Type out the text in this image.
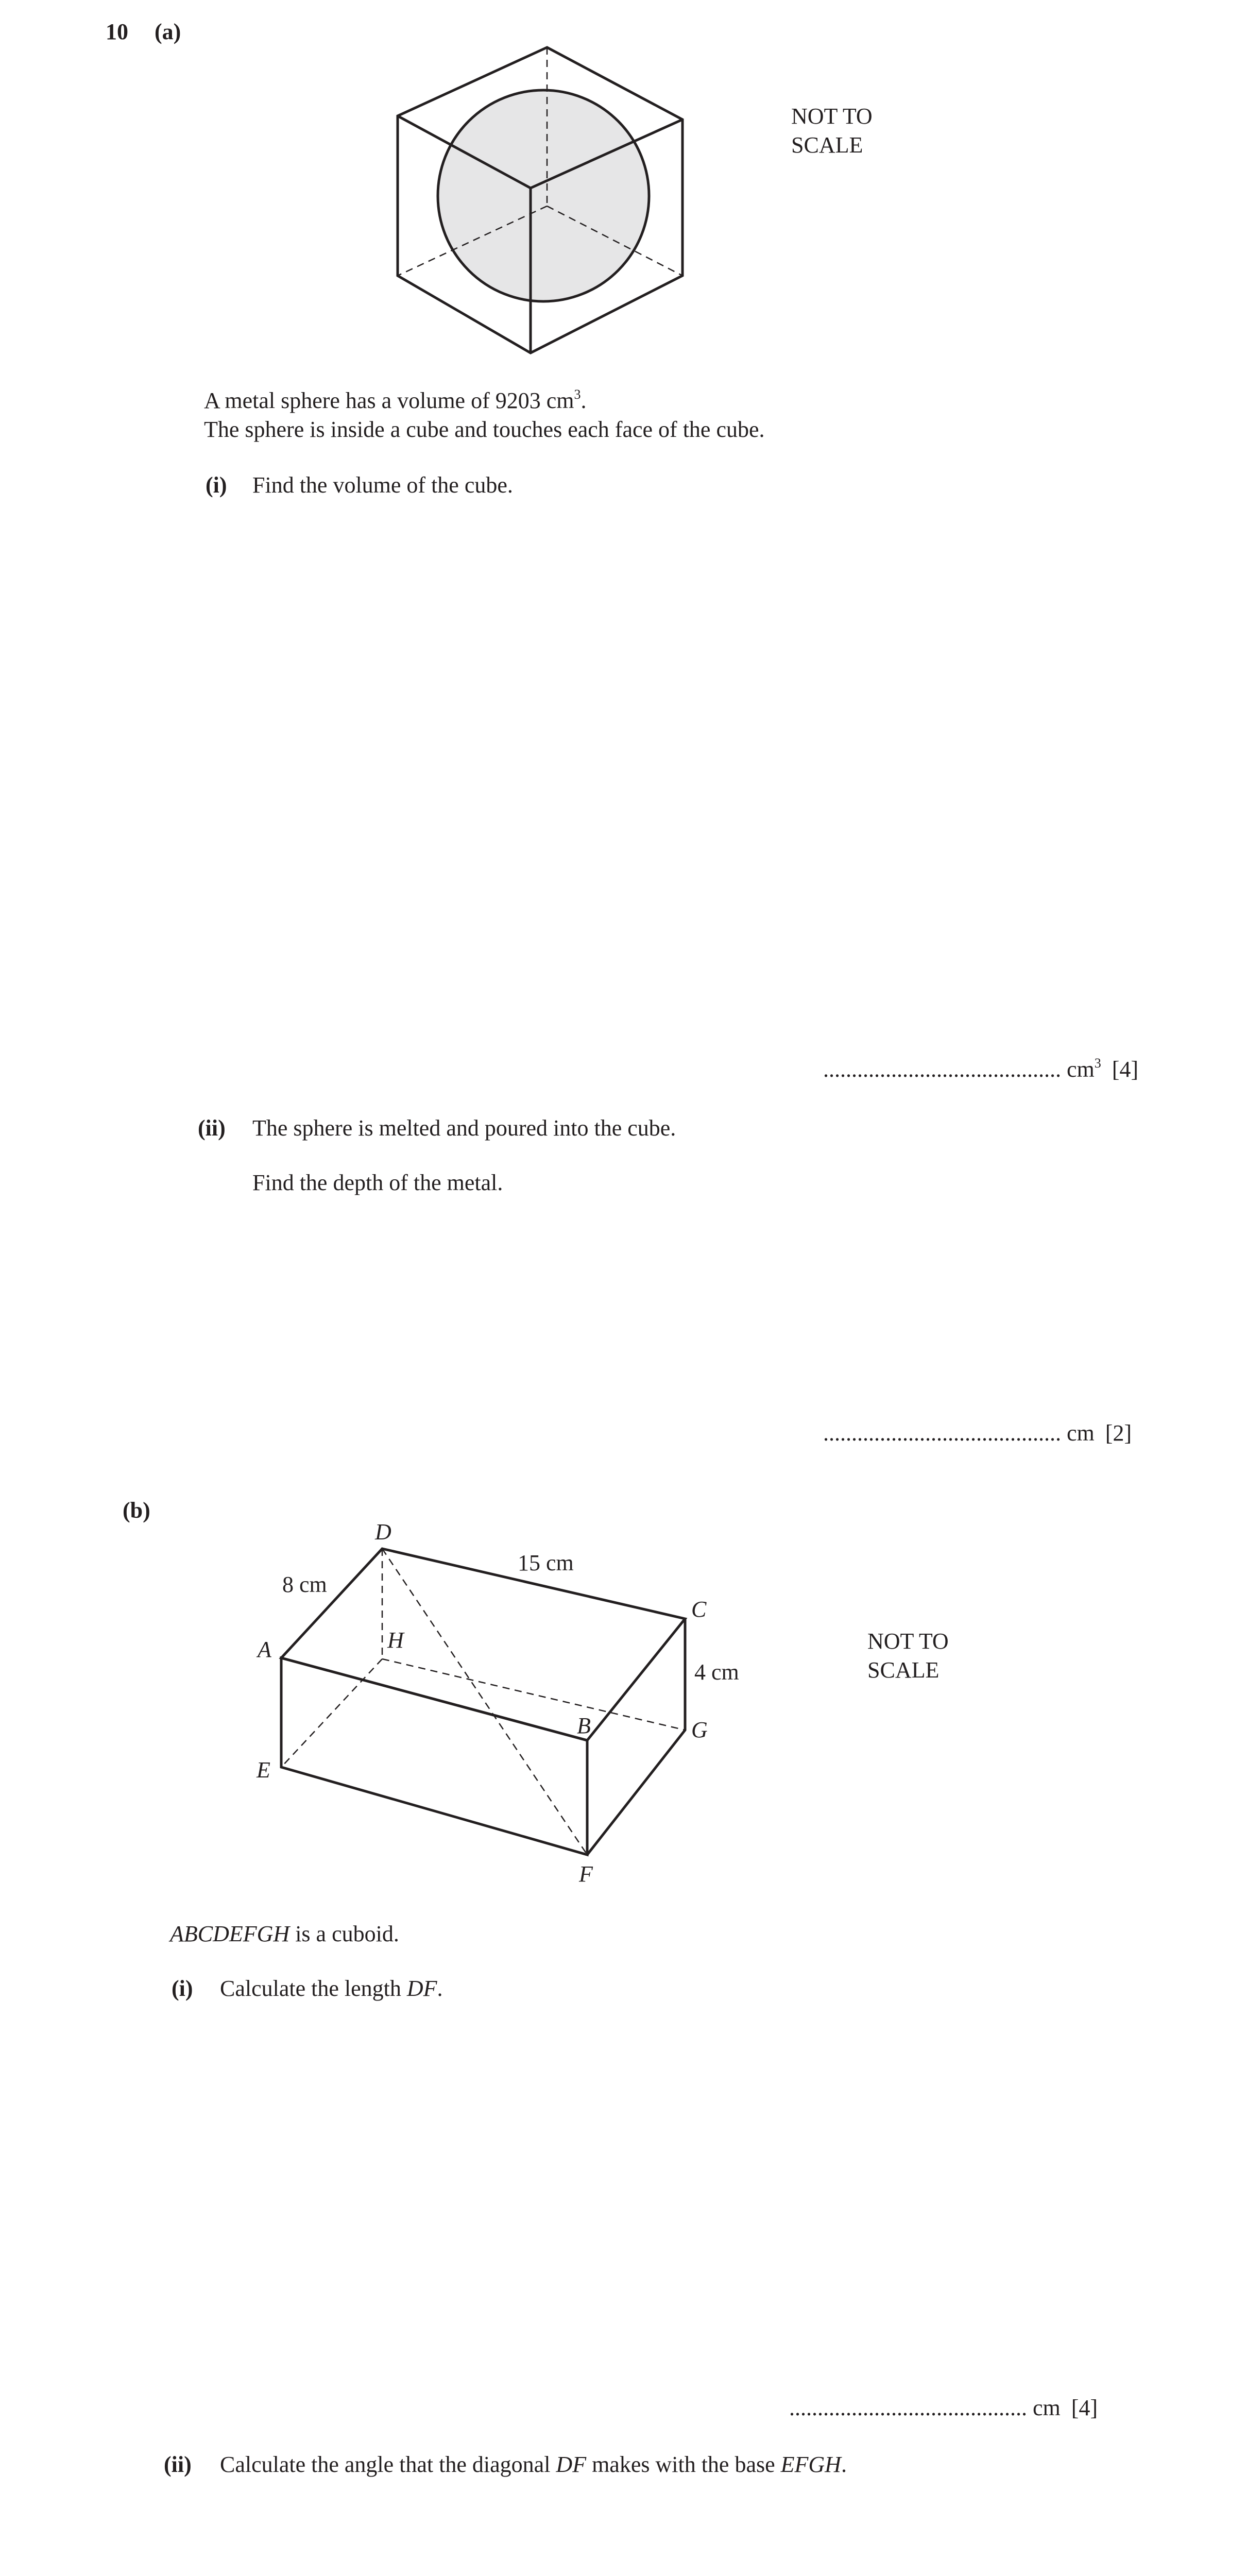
10 (a)
NOT TO
SCALE
A metal sphere has a volume of 9203 $cm^3$.
The sphere is inside a cube and touches each face of the cube.
(i) Find the volume of the cube.
.......................................... $cm^3$ [4]
(ii) The sphere is melted and poured into the cube.
Find the depth of the metal.
.......................................... cm [2]
(b)
D
C
A	H
B	G
E
F
8 cm
15 cm
4 cm
NOT TO
SCALE
ABCDEFGH is a cuboid.
(i) Calculate the length DF.
.......................................... cm [4]
(ii) Calculate the angle that the diagonal DF makes with the base EFGH.
